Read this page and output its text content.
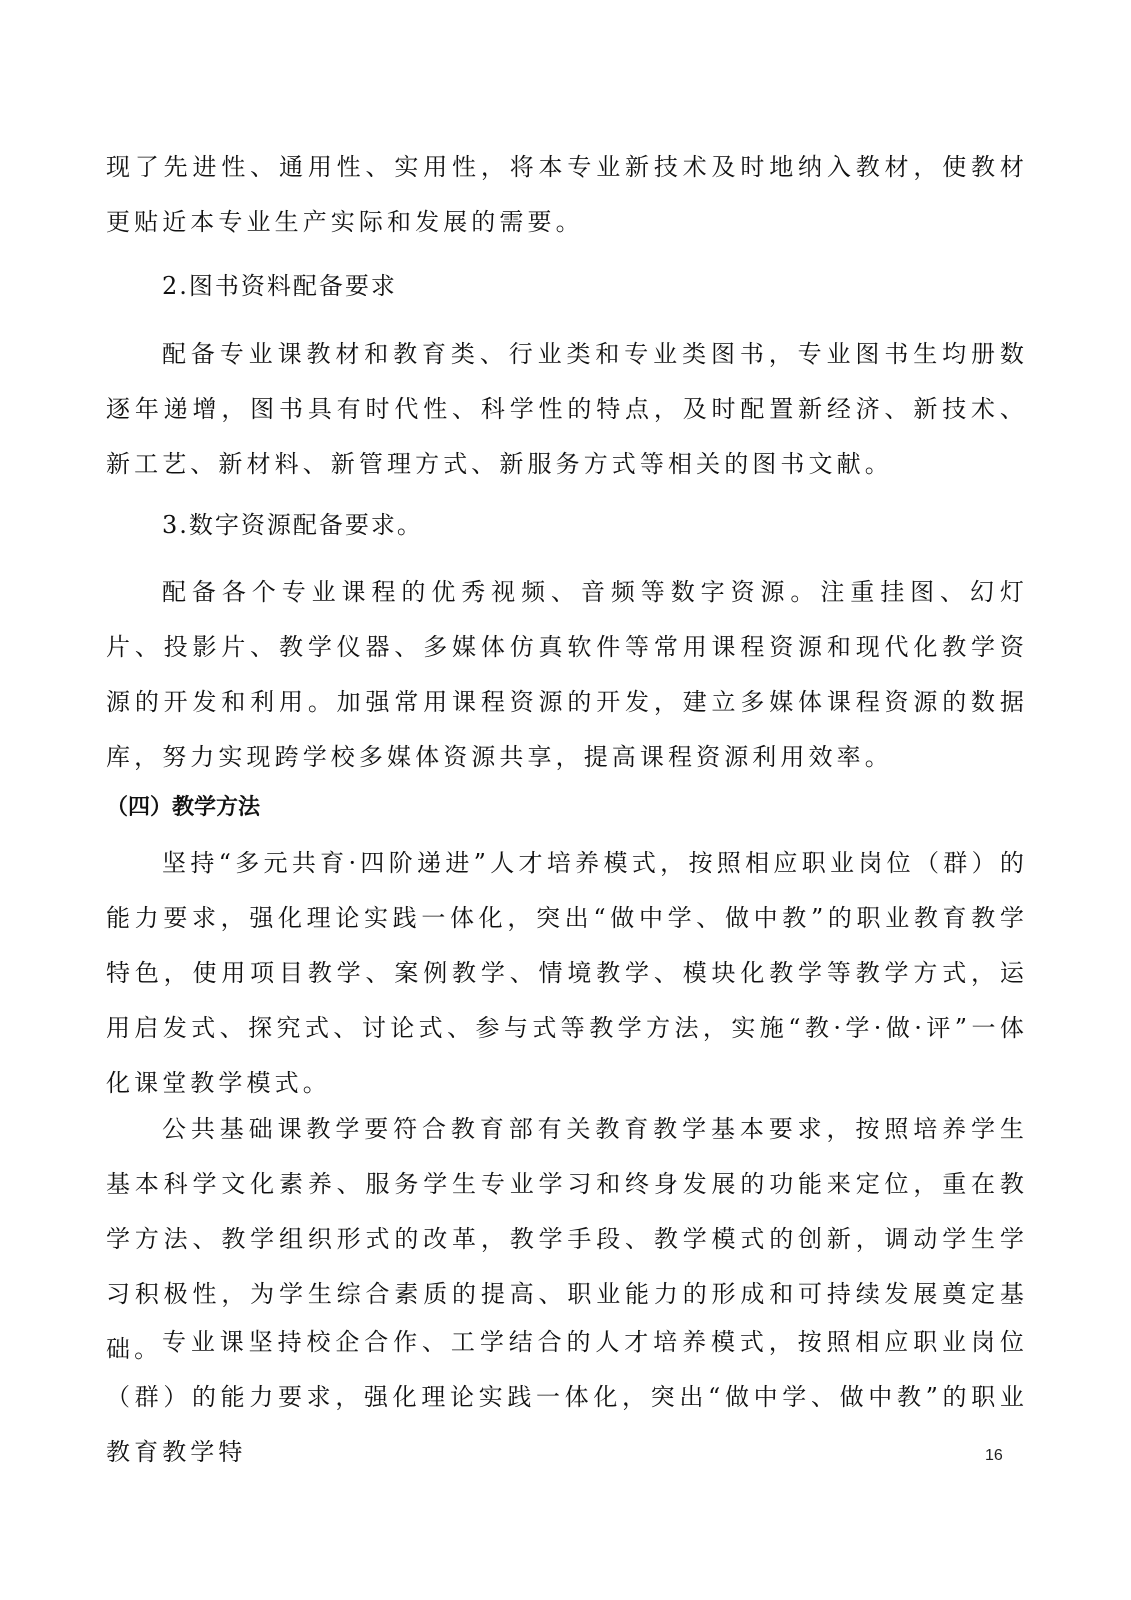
现了先进性、通用性、实用性，将本专业新技术及时地纳入教材，使教材更贴近本专业生产实际和发展的需要。

2.图书资料配备要求

配备专业课教材和教育类、行业类和专业类图书，专业图书生均册数逐年递增，图书具有时代性、科学性的特点，及时配置新经济、新技术、新工艺、新材料、新管理方式、新服务方式等相关的图书文献。

3.数字资源配备要求。

配备各个专业课程的优秀视频、音频等数字资源。注重挂图、幻灯片、投影片、教学仪器、多媒体仿真软件等常用课程资源和现代化教学资源的开发和利用。加强常用课程资源的开发，建立多媒体课程资源的数据库，努力实现跨学校多媒体资源共享，提高课程资源利用效率。

（四）教学方法

坚持“多元共育·四阶递进”人才培养模式，按照相应职业岗位（群）的能力要求，强化理论实践一体化，突出“做中学、做中教”的职业教育教学特色，使用项目教学、案例教学、情境教学、模块化教学等教学方式，运用启发式、探究式、讨论式、参与式等教学方法，实施“教·学·做·评”一体化课堂教学模式。

公共基础课教学要符合教育部有关教育教学基本要求，按照培养学生基本科学文化素养、服务学生专业学习和终身发展的功能来定位，重在教学方法、教学组织形式的改革，教学手段、教学模式的创新，调动学生学习积极性，为学生综合素质的提高、职业能力的形成和可持续发展奠定基础。 专业课坚持校企合作、工学结合的人才培养模式，按照相应职业岗位（群）的能力要求，强化理论实践一体化，突出“做中学、做中教”的职业教育教学特	16
